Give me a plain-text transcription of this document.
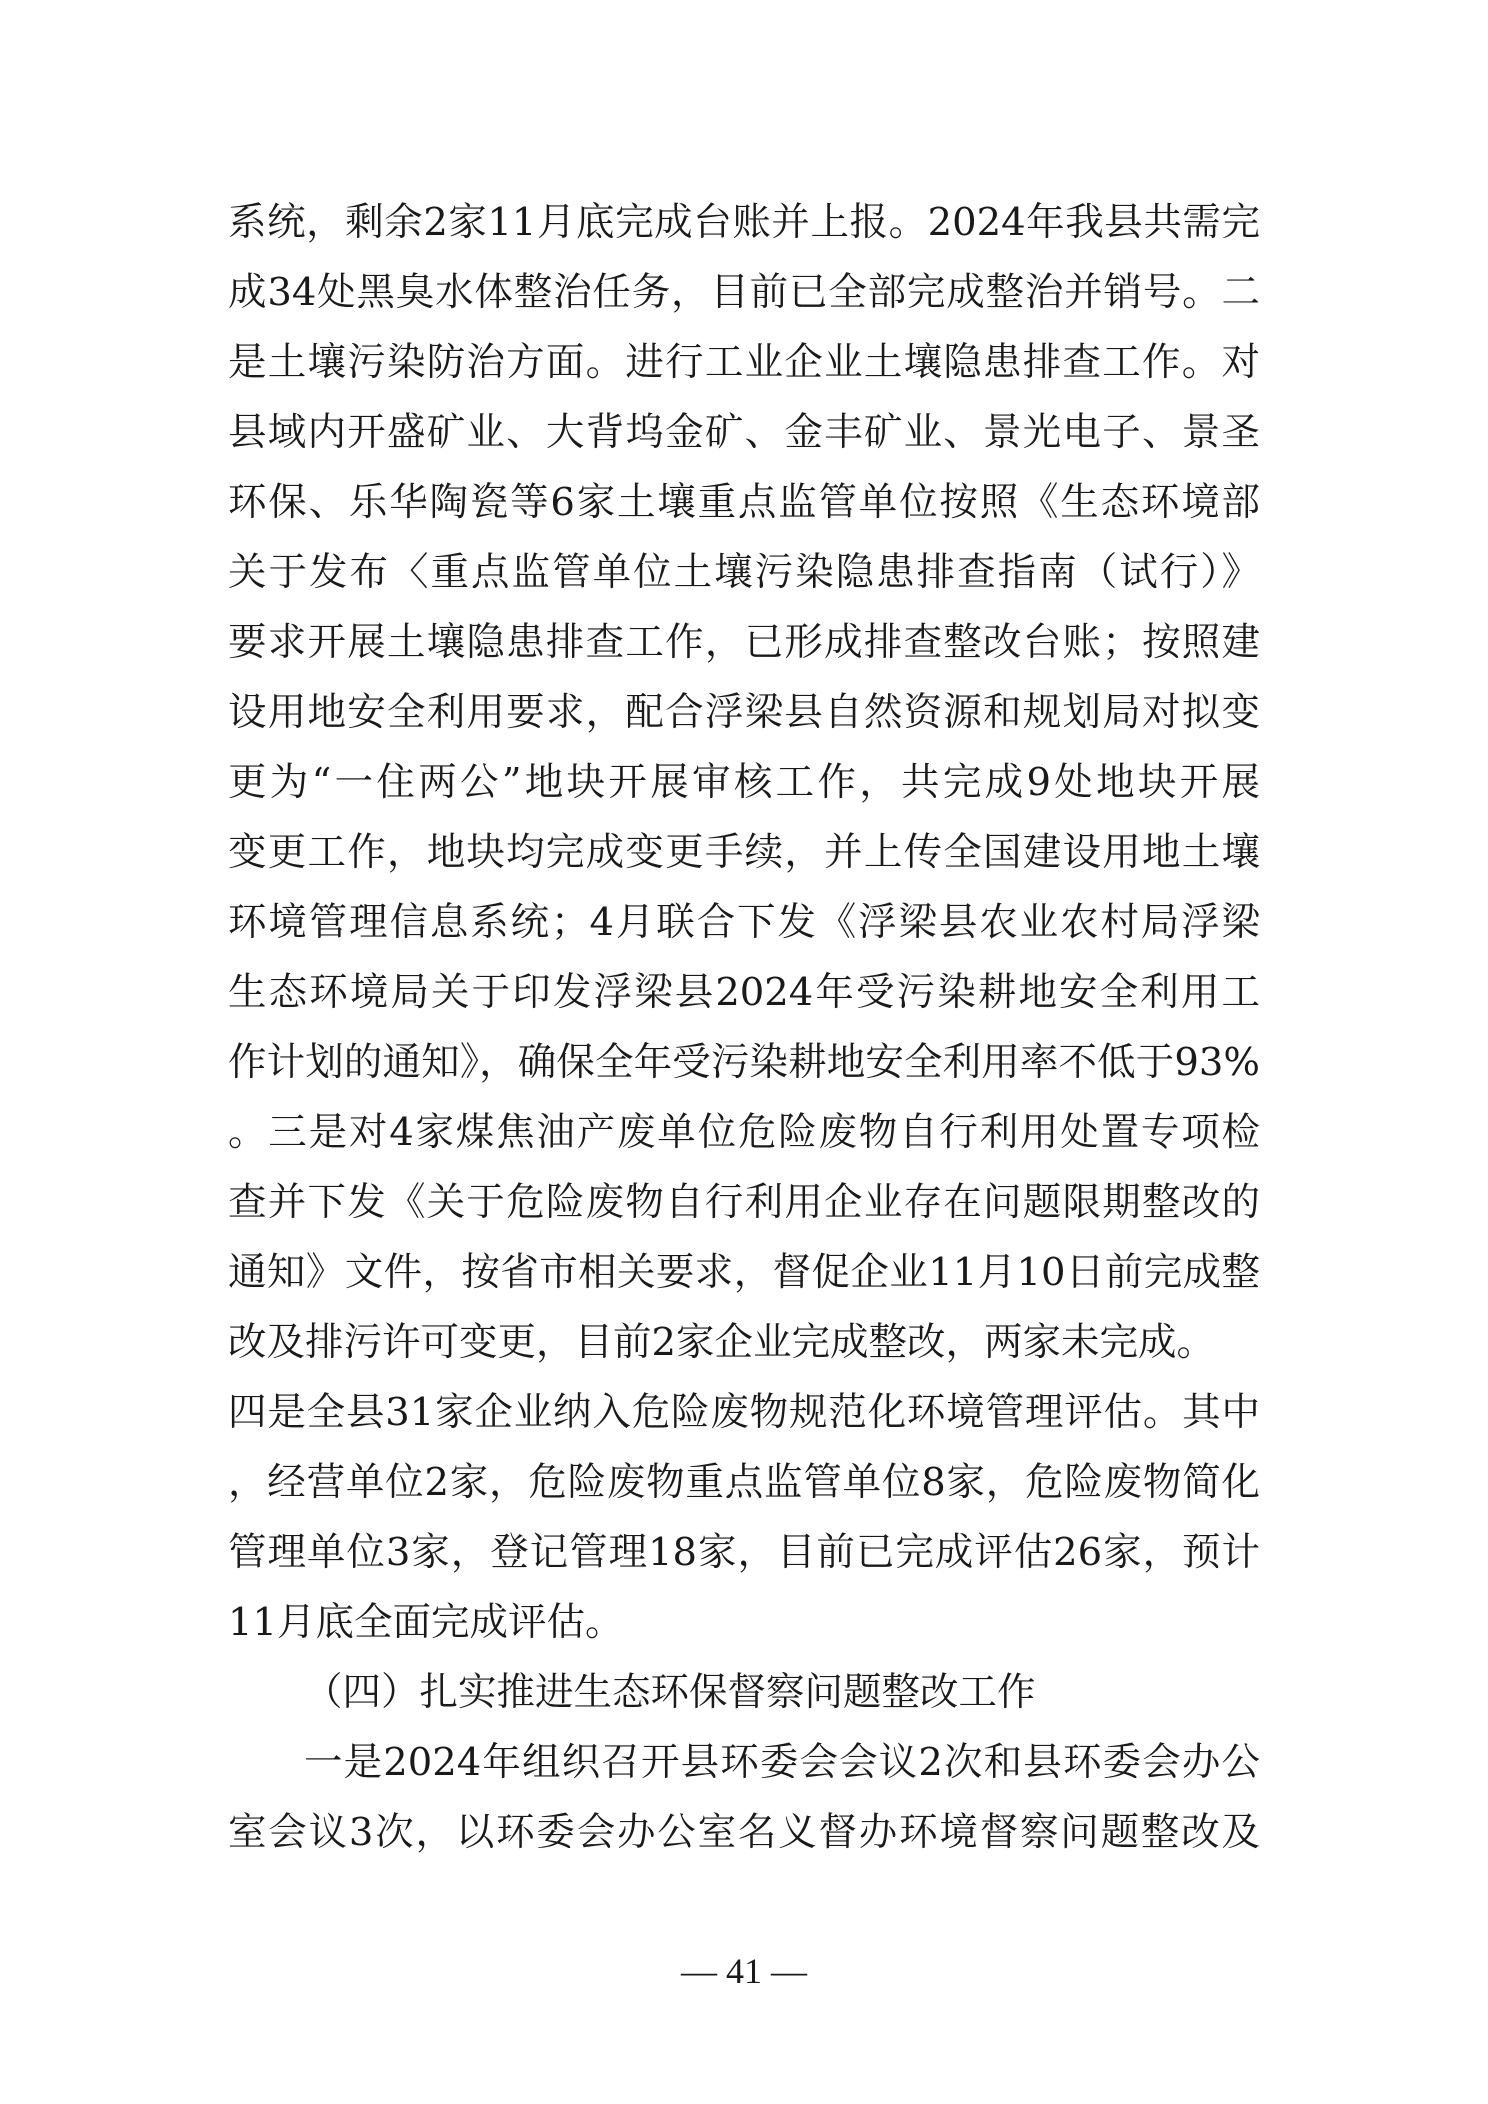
系统，剩余2家11月底完成台账并上报。2024年我县共需完
成34处黑臭水体整治任务，目前已全部完成整治并销号。二
是土壤污染防治方面。进行工业企业土壤隐患排查工作。对
县域内开盛矿业、大背坞金矿、金丰矿业、景光电子、景圣
环保、乐华陶瓷等6家土壤重点监管单位按照《生态环境部
关于发布〈重点监管单位土壤污染隐患排查指南（试行）》
要求开展土壤隐患排查工作，已形成排查整改台账；按照建
设用地安全利用要求，配合浮梁县自然资源和规划局对拟变
更为“一住两公”地块开展审核工作，共完成9处地块开展
变更工作，地块均完成变更手续，并上传全国建设用地土壤
环境管理信息系统；4月联合下发《浮梁县农业农村局浮梁
生态环境局关于印发浮梁县2024年受污染耕地安全利用工
作计划的通知》，确保全年受污染耕地安全利用率不低于93%
。三是对4家煤焦油产废单位危险废物自行利用处置专项检
查并下发《关于危险废物自行利用企业存在问题限期整改的
通知》文件，按省市相关要求，督促企业11月10日前完成整
改及排污许可变更，目前2家企业完成整改，两家未完成。
四是全县31家企业纳入危险废物规范化环境管理评估。其中
，经营单位2家，危险废物重点监管单位8家，危险废物简化
管理单位3家，登记管理18家，目前已完成评估26家，预计
11月底全面完成评估。
（四）扎实推进生态环保督察问题整改工作
一是2024年组织召开县环委会会议2次和县环委会办公
室会议3次，以环委会办公室名义督办环境督察问题整改及
— 41 —
